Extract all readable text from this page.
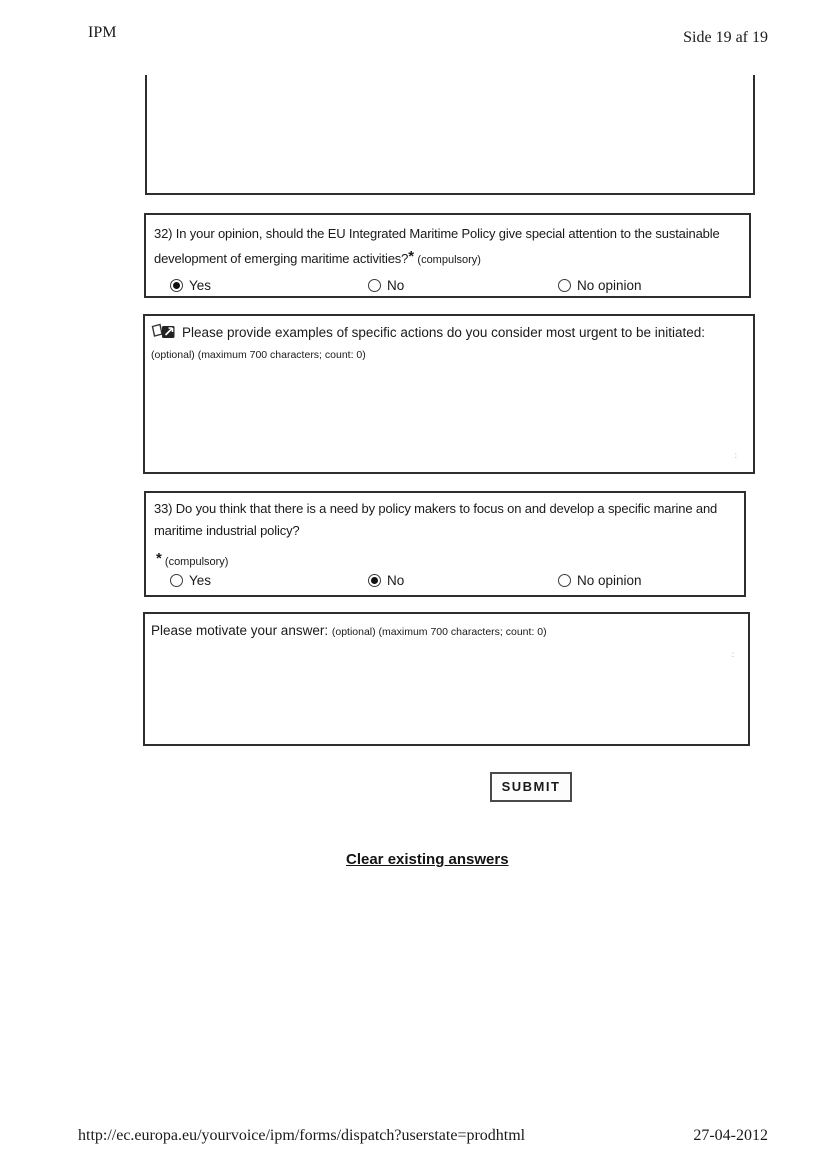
IPM	Side 19 af 19

32) In your opinion, should the EU Integrated Maritime Policy give special attention to the sustainable development of emerging maritime activities?* (compulsory)

Yes	No	No opinion

Please provide examples of specific actions do you consider most urgent to be initiated: (optional) (maximum 700 characters; count: 0)

:

33) Do you think that there is a need by policy makers to focus on and develop a specific marine and maritime industrial policy?

* (compulsory)

Yes	No	No opinion

Please motivate your answer: (optional) (maximum 700 characters; count: 0)

:
SUBMIT
Clear existing answers
http://ec.europa.eu/yourvoice/ipm/forms/dispatch?userstate=prodhtml	27-04-2012
